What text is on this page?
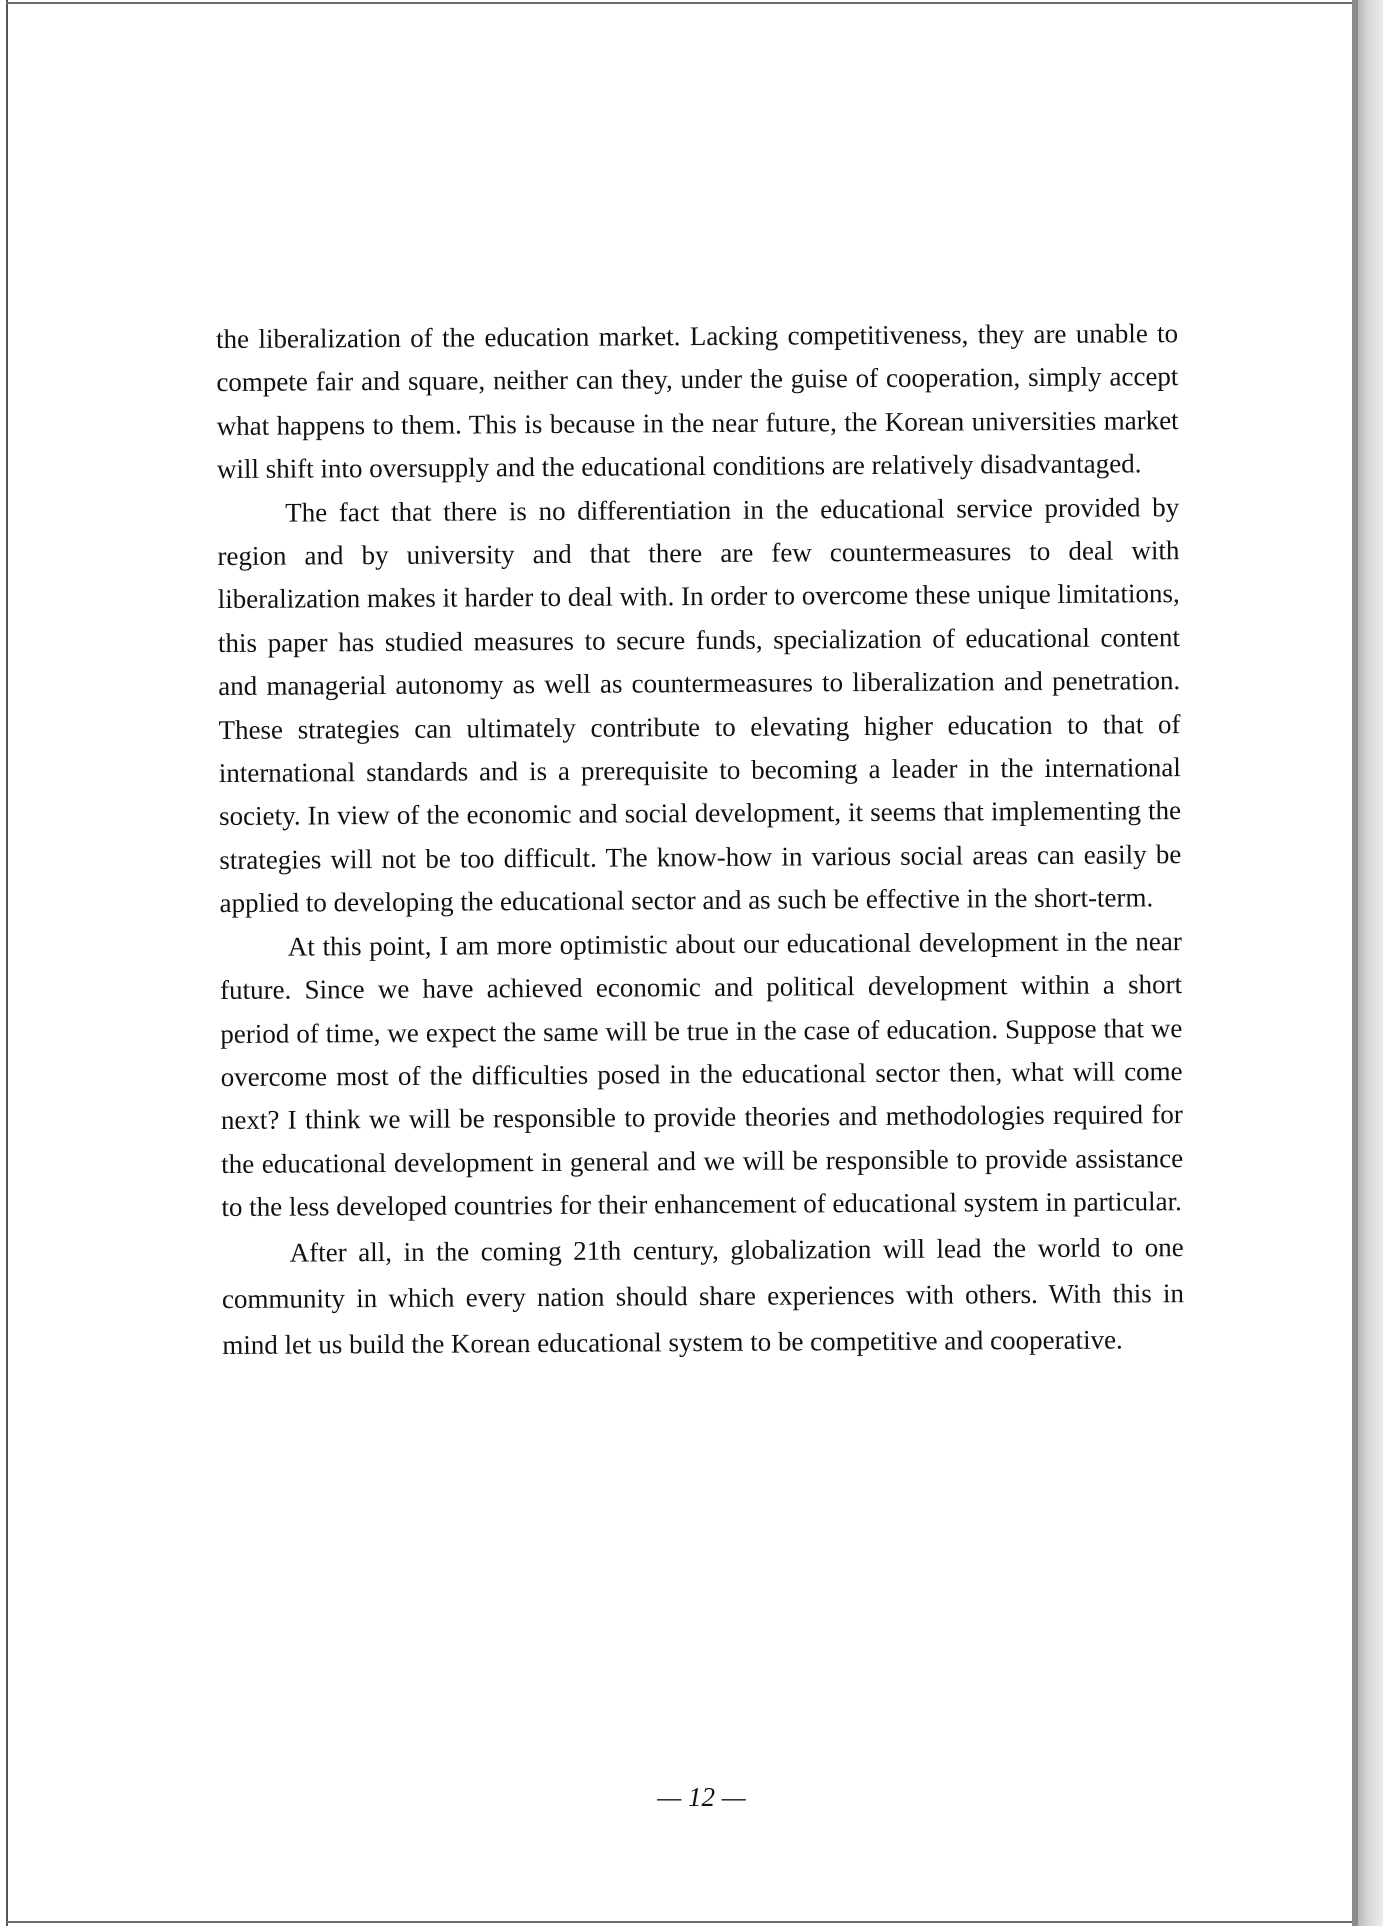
the liberalization of the education market. Lacking competitiveness, they are unable to compete fair and square, neither can they, under the guise of cooperation, simply accept what happens to them. This is because in the near future, the Korean universities market will shift into oversupply and the educational conditions are relatively disadvantaged.

The fact that there is no differentiation in the educational service provided by region and by university and that there are few countermeasures to deal with liberalization makes it harder to deal with. In order to overcome these unique limitations, this paper has studied measures to secure funds, specialization of educational content and managerial autonomy as well as countermeasures to liberalization and penetration. These strategies can ultimately contribute to elevating higher education to that of international standards and is a prerequisite to becoming a leader in the international society. In view of the economic and social development, it seems that implementing the strategies will not be too difficult. The know-how in various social areas can easily be applied to developing the educational sector and as such be effective in the short-term.

At this point, I am more optimistic about our educational development in the near future. Since we have achieved economic and political development within a short period of time, we expect the same will be true in the case of education. Suppose that we overcome most of the difficulties posed in the educational sector then, what will come next? I think we will be responsible to provide theories and methodologies required for the educational development in general and we will be responsible to provide assistance to the less developed countries for their enhancement of educational system in particular.

After all, in the coming 21th century, globalization will lead the world to one community in which every nation should share experiences with others. With this in mind let us build the Korean educational system to be competitive and cooperative.

— 12 —
